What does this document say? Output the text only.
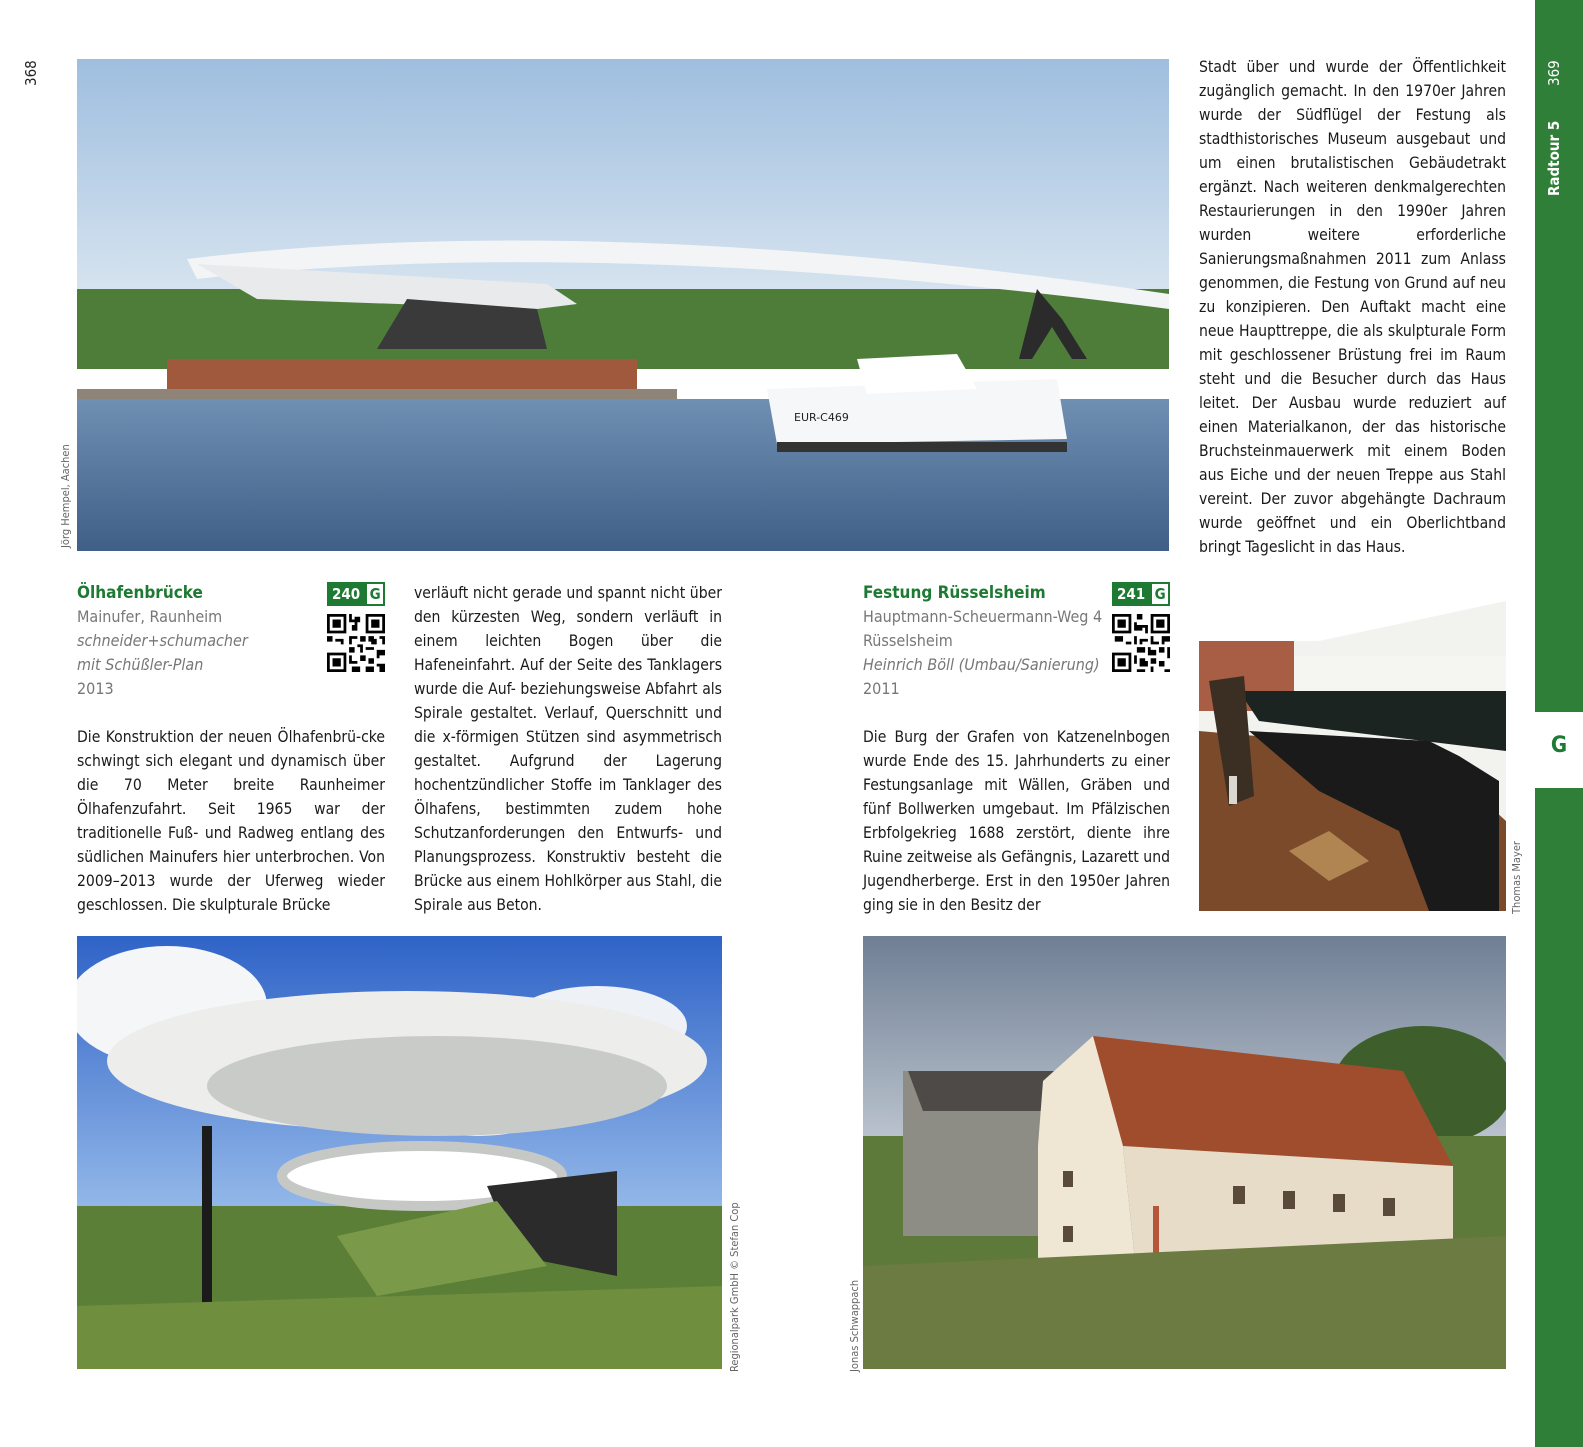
368	369
Radtour 5
G
EUR-C469
Jörg Hempel, Aachen
Stadt über und wurde der Öffentlichkeit zugänglich gemacht. In den 1970er Jahren wurde der Südflügel der Festung als stadthistorisches Museum ausgebaut und um einen brutalistischen Gebäudetrakt ergänzt. Nach weiteren denkmalgerechten Restaurierungen in den 1990er Jahren wurden weitere erforderliche Sanierungsmaßnahmen 2011 zum Anlass genommen, die Festung von Grund auf neu zu konzipieren. Den Auftakt macht eine neue Haupttreppe, die als skulpturale Form mit geschlossener Brüstung frei im Raum steht und die Besucher durch das Haus leitet. Der Ausbau wurde reduziert auf einen Materialkanon, der das historische Bruchsteinmauerwerk mit einem Boden aus Eiche und der neuen Treppe aus Stahl vereint. Der zuvor abgehängte Dachraum wurde geöffnet und ein Oberlichtband bringt Tageslicht in das Haus.
Ölhafenbrücke	240 G
Mainufer, Raunheim
schneider+schumacher
mit Schüßler-Plan
2013
Die Konstruktion der neuen Ölhafenbrü-cke schwingt sich elegant und dynamisch über die 70 Meter breite Raunheimer Ölhafenzufahrt. Seit 1965 war der traditionelle Fuß- und Radweg entlang des südlichen Mainufers hier unterbrochen. Von 2009–2013 wurde der Uferweg wieder geschlossen. Die skulpturale Brücke
verläuft nicht gerade und spannt nicht über den kürzesten Weg, sondern verläuft in einem leichten Bogen über die Hafeneinfahrt. Auf der Seite des Tanklagers wurde die Auf- beziehungsweise Abfahrt als Spirale gestaltet. Verlauf, Querschnitt und die x-förmigen Stützen sind asymmetrisch gestaltet. Aufgrund der Lagerung hochentzündlicher Stoffe im Tanklager des Ölhafens, bestimmten zudem hohe Schutzanforderungen den Entwurfs- und Planungsprozess. Konstruktiv besteht die Brücke aus einem Hohlkörper aus Stahl, die Spirale aus Beton.
Festung Rüsselsheim	241 G
Hauptmann-Scheuermann-Weg 4
Rüsselsheim
Heinrich Böll (Umbau/Sanierung)
2011
Die Burg der Grafen von Katzenelnbogen wurde Ende des 15. Jahrhunderts zu einer Festungsanlage mit Wällen, Gräben und fünf Bollwerken umgebaut. Im Pfälzischen Erbfolgekrieg 1688 zerstört, diente ihre Ruine zeitweise als Gefängnis, Lazarett und Jugendherberge. Erst in den 1950er Jahren ging sie in den Besitz der	Thomas Mayer
Regionalpark GmbH © Stefan Cop	Jonas Schwappach
